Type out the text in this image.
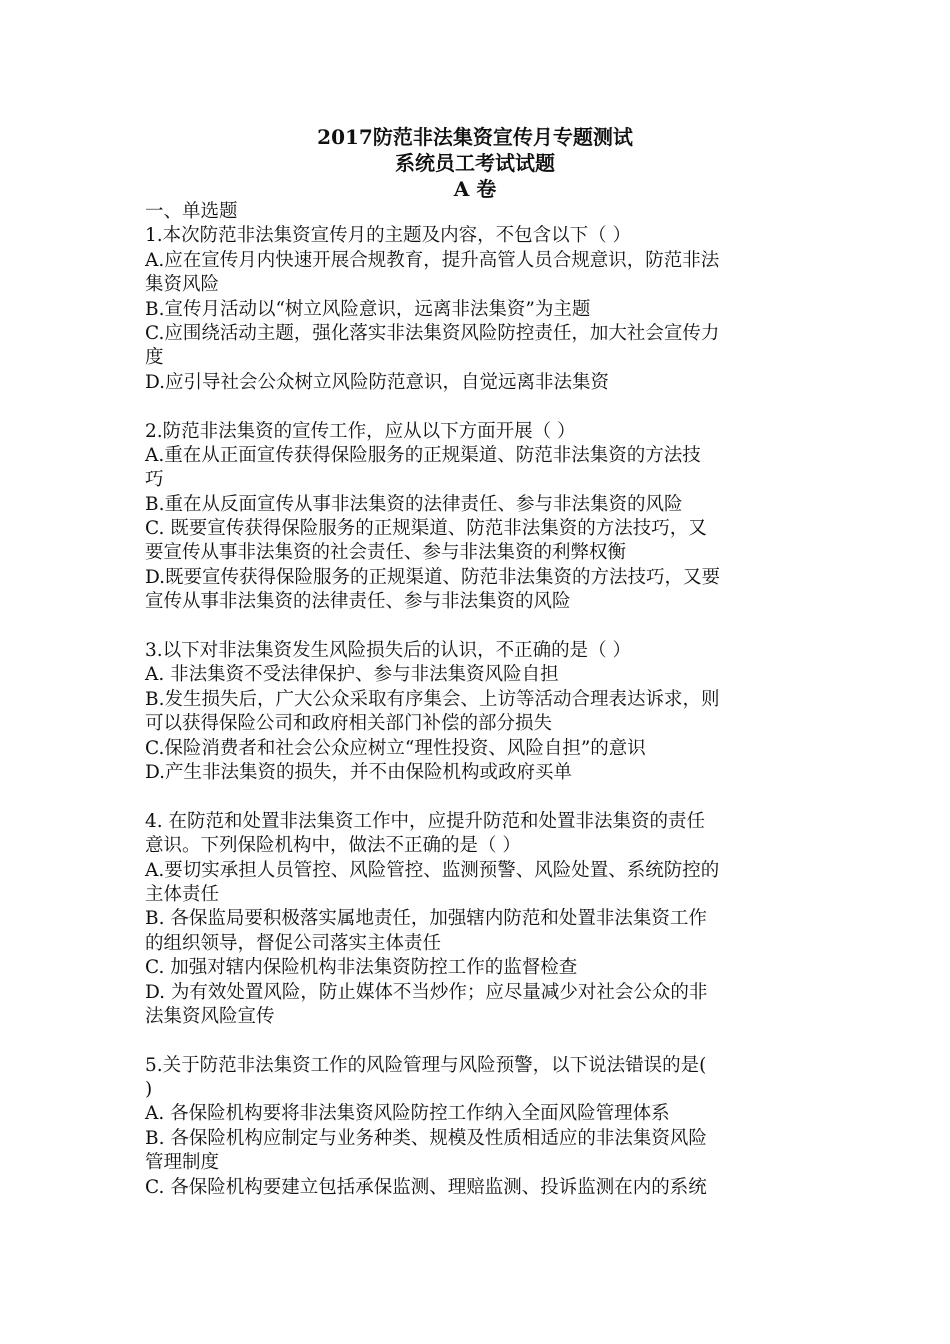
2017防范非法集资宣传月专题测试
系统员工考试试题
A 卷
一、单选题
1.本次防范非法集资宣传月的主题及内容，不包含以下（ ）
A.应在宣传月内快速开展合规教育，提升高管人员合规意识，防范非法
集资风险
B.宣传月活动以“树立风险意识，远离非法集资”为主题
C.应围绕活动主题，强化落实非法集资风险防控责任，加大社会宣传力
度
D.应引导社会公众树立风险防范意识，自觉远离非法集资
2.防范非法集资的宣传工作，应从以下方面开展（ ）
A.重在从正面宣传获得保险服务的正规渠道、防范非法集资的方法技
巧
B.重在从反面宣传从事非法集资的法律责任、参与非法集资的风险
C. 既要宣传获得保险服务的正规渠道、防范非法集资的方法技巧，又
要宣传从事非法集资的社会责任、参与非法集资的利弊权衡
D.既要宣传获得保险服务的正规渠道、防范非法集资的方法技巧，又要
宣传从事非法集资的法律责任、参与非法集资的风险
3.以下对非法集资发生风险损失后的认识，不正确的是（ ）
A. 非法集资不受法律保护、参与非法集资风险自担
B.发生损失后，广大公众采取有序集会、上访等活动合理表达诉求，则
可以获得保险公司和政府相关部门补偿的部分损失
C.保险消费者和社会公众应树立“理性投资、风险自担”的意识
D.产生非法集资的损失，并不由保险机构或政府买单
4. 在防范和处置非法集资工作中，应提升防范和处置非法集资的责任
意识。下列保险机构中，做法不正确的是（ ）
A.要切实承担人员管控、风险管控、监测预警、风险处置、系统防控的
主体责任
B. 各保监局要积极落实属地责任，加强辖内防范和处置非法集资工作
的组织领导，督促公司落实主体责任
C. 加强对辖内保险机构非法集资防控工作的监督检查
D. 为有效处置风险，防止媒体不当炒作；应尽量减少对社会公众的非
法集资风险宣传
5.关于防范非法集资工作的风险管理与风险预警，以下说法错误的是(
)
A. 各保险机构要将非法集资风险防控工作纳入全面风险管理体系
B. 各保险机构应制定与业务种类、规模及性质相适应的非法集资风险
管理制度
C. 各保险机构要建立包括承保监测、理赔监测、投诉监测在内的系统
